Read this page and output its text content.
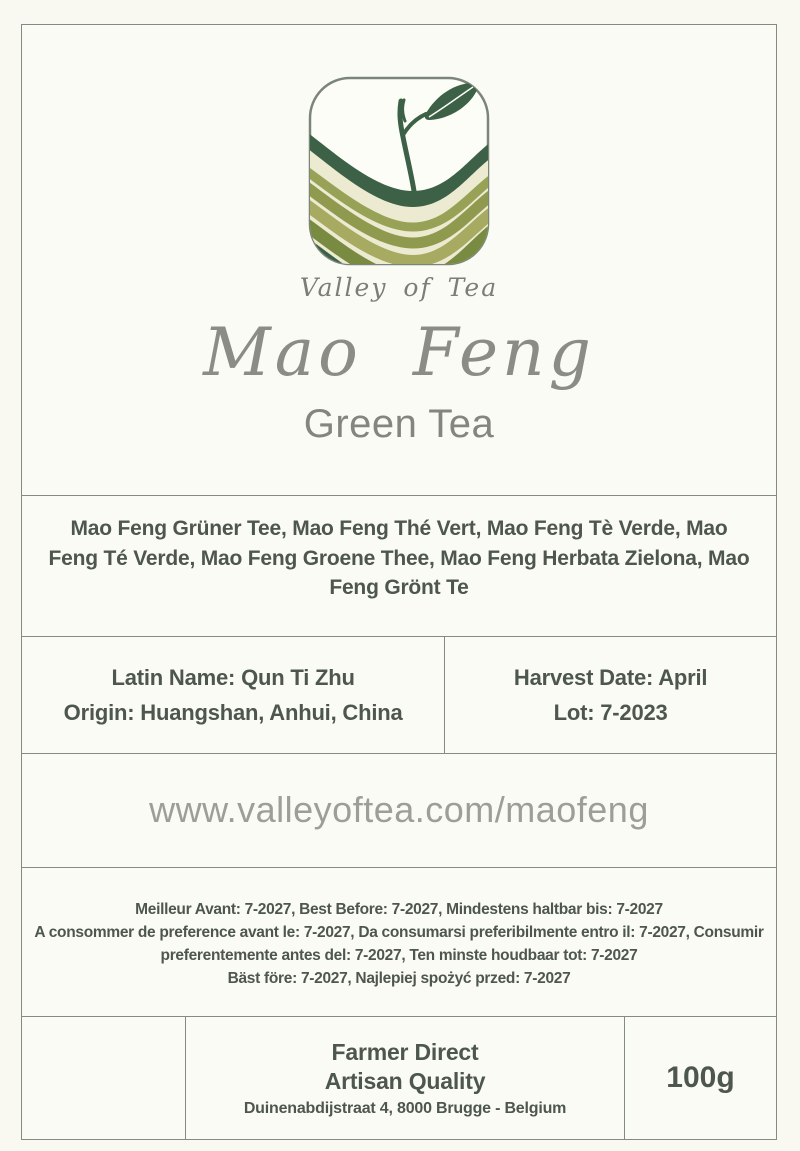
Valley of Tea
Mao Feng
Green Tea
Mao Feng Grüner Tee, Mao Feng Thé Vert, Mao Feng Tè Verde, Mao Feng Té Verde, Mao Feng Groene Thee, Mao Feng Herbata Zielona, Mao Feng Grönt Te
Latin Name: Qun Ti Zhu
Origin: Huangshan, Anhui, China
Harvest Date: April
Lot: 7-2023
www.valleyoftea.com/maofeng
Meilleur Avant: 7-2027, Best Before: 7-2027, Mindestens haltbar bis: 7-2027
A consommer de preference avant le: 7-2027, Da consumarsi preferibilmente entro il: 7-2027, Consumir
preferentemente antes del: 7-2027, Ten minste houdbaar tot: 7-2027
Bäst före: 7-2027, Najlepiej spożyć przed: 7-2027
Farmer Direct
Artisan Quality
Duinenabdijstraat 4, 8000 Brugge - Belgium
100g
